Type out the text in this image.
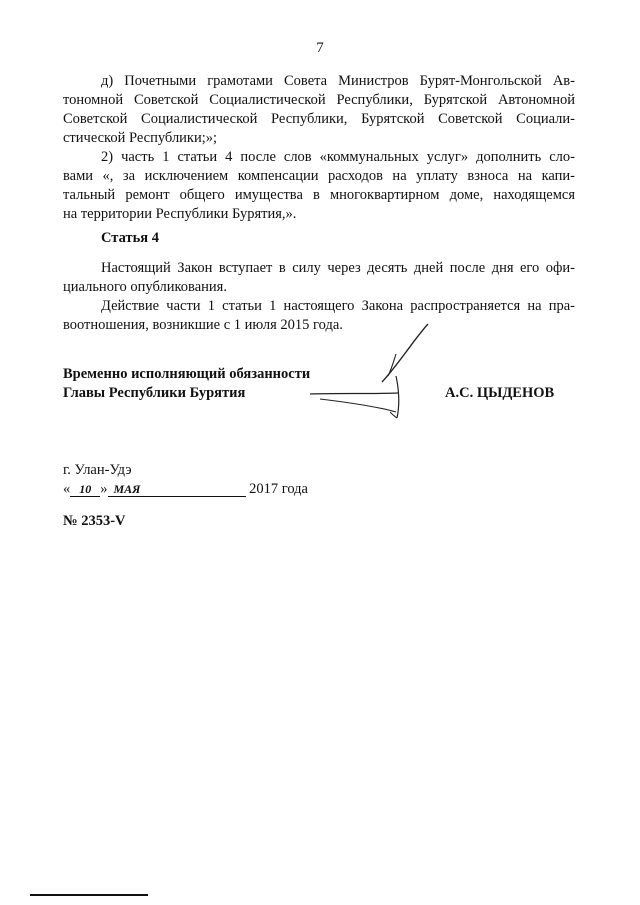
7
д) Почетными грамотами Совета Министров Бурят-Монгольской Ав-
тономной Советской Социалистической Республики, Бурятской Автономной
Советской Социалистической Республики, Бурятской Советской Социали-
стической Республики;»;
2) часть 1 статьи 4 после слов «коммунальных услуг» дополнить сло-
вами «, за исключением компенсации расходов на уплату взноса на капи-
тальный ремонт общего имущества в многоквартирном доме, находящемся
на территории Республики Бурятия,».
Статья 4
Настоящий Закон вступает в силу через десять дней после дня его офи-
циального опубликования.
Действие части 1 статьи 1 настоящего Закона распространяется на пра-
воотношения, возникшие с 1 июля 2015 года.
Временно исполняющий обязанности
Главы Республики Бурятия	А.С. ЦЫДЕНОВ
г. Улан-Удэ
« 10 » МАЯ	2017 года
№ 2353-V
